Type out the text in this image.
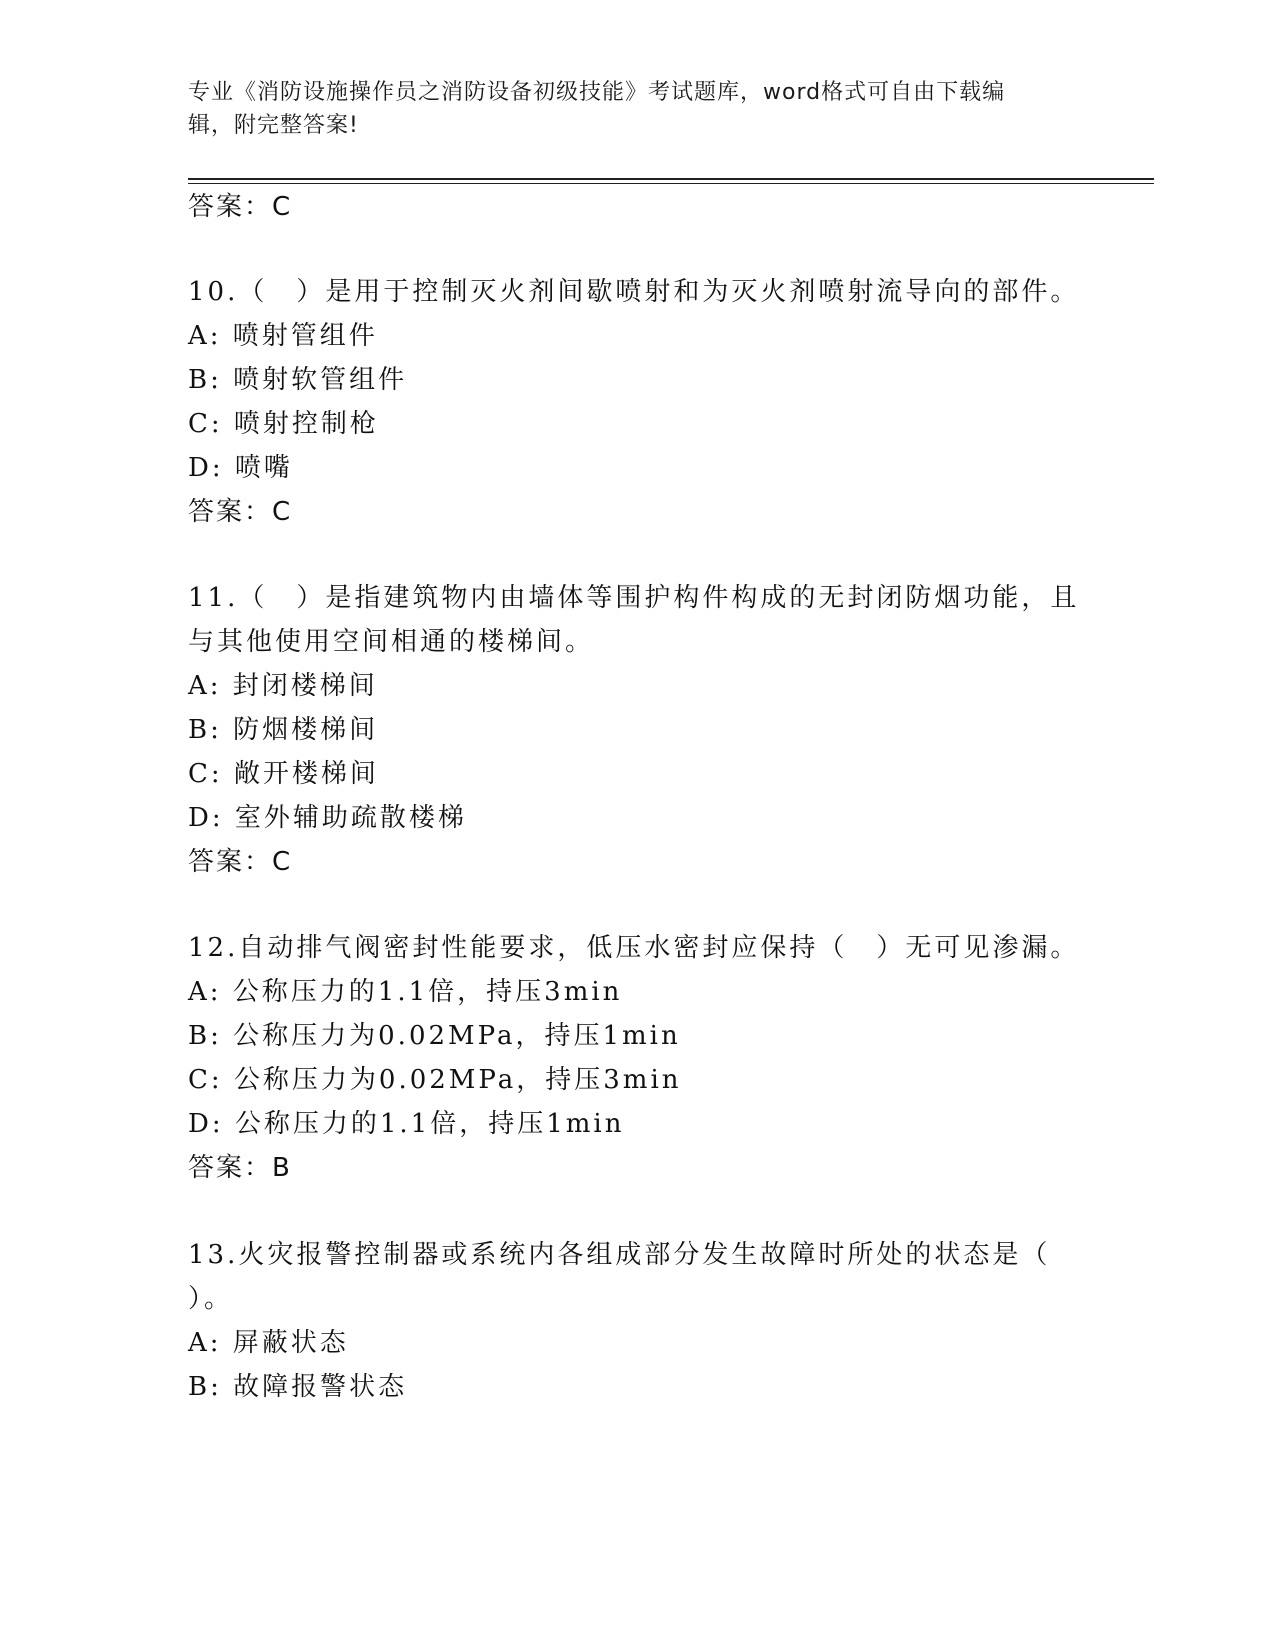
专业《消防设施操作员之消防设备初级技能》考试题库，word格式可自由下载编
辑，附完整答案!
答案：C
10.（　）是用于控制灭火剂间歇喷射和为灭火剂喷射流导向的部件。
A: 喷射管组件
B: 喷射软管组件
C: 喷射控制枪
D: 喷嘴
答案：C
11.（　）是指建筑物内由墙体等围护构件构成的无封闭防烟功能，且
与其他使用空间相通的楼梯间。
A: 封闭楼梯间
B: 防烟楼梯间
C: 敞开楼梯间
D: 室外辅助疏散楼梯
答案：C
12.自动排气阀密封性能要求，低压水密封应保持（　）无可见渗漏。
A: 公称压力的1.1倍，持压3min
B: 公称压力为0.02MPa，持压1min
C: 公称压力为0.02MPa，持压3min
D: 公称压力的1.1倍，持压1min
答案：B
13.火灾报警控制器或系统内各组成部分发生故障时所处的状态是（
）。
A: 屏蔽状态
B: 故障报警状态
